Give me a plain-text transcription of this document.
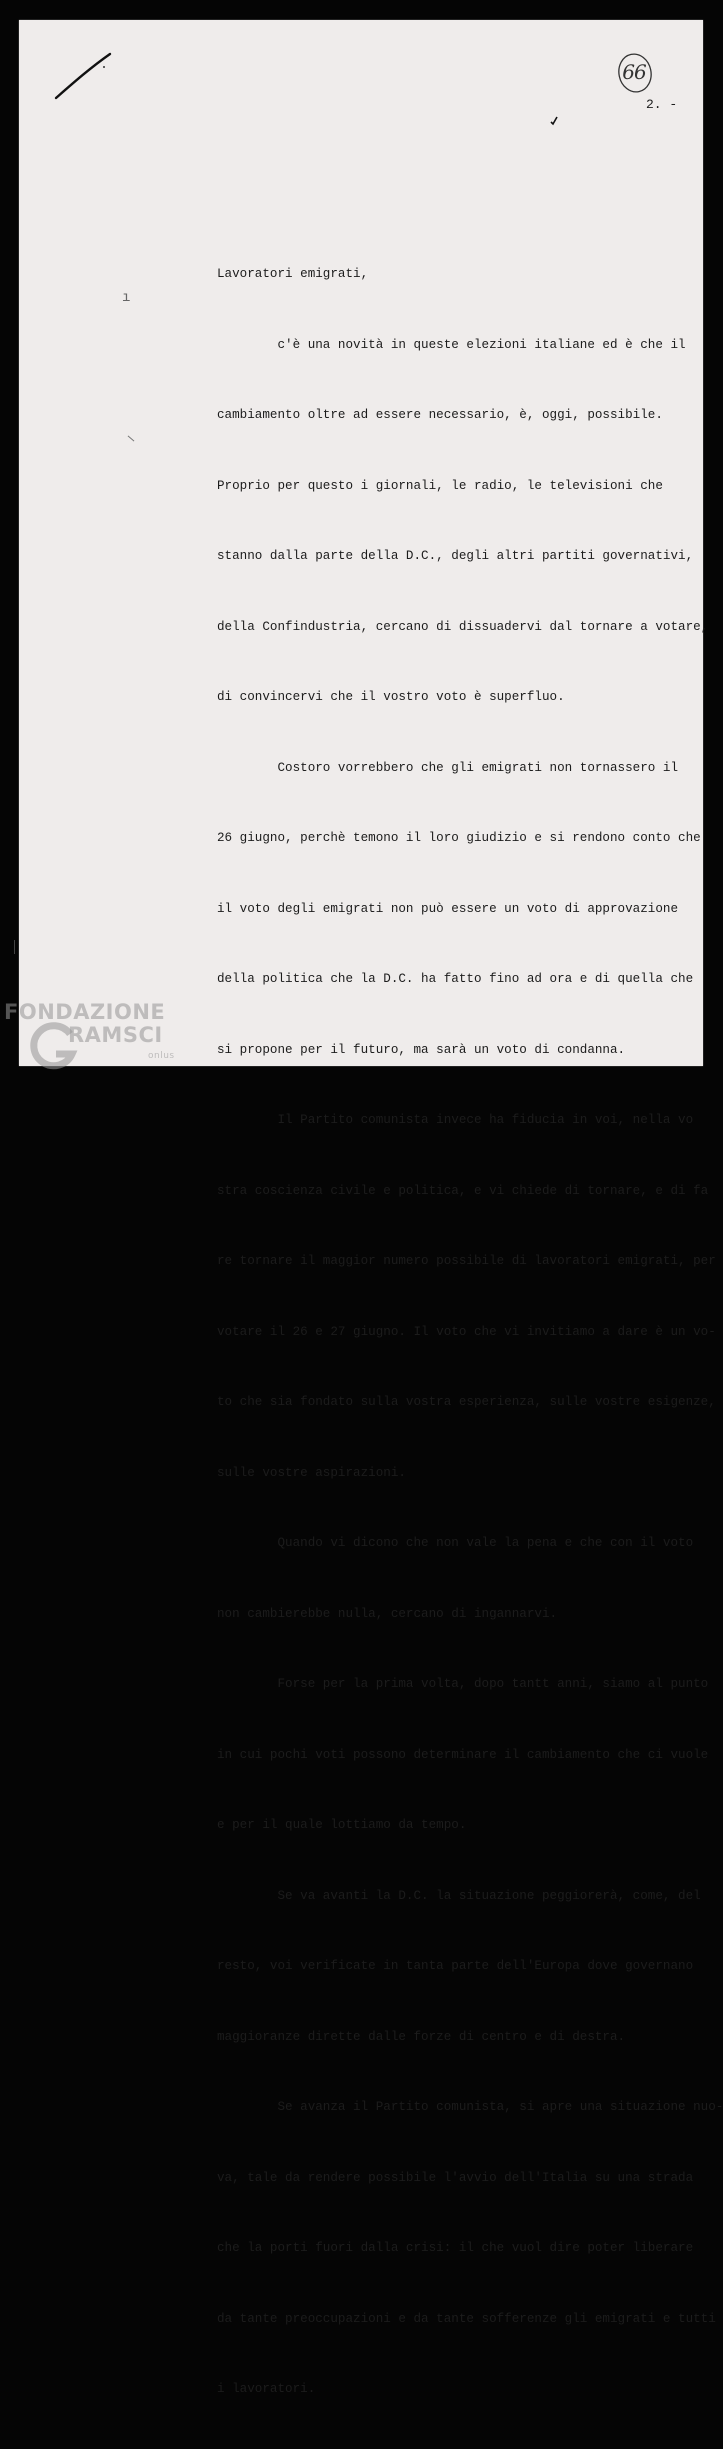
66
2. -
ı

Lavoratori emigrati,

c'è una novità in queste elezioni italiane ed è che il

cambiamento oltre ad essere necessario, è, oggi, possibile.

Proprio per questo i giornali, le radio, le televisioni che

stanno dalla parte della D.C., degli altri partiti governativi,

della Confindustria, cercano di dissuadervi dal tornare a votare,

di convincervi che il vostro voto è superfluo.

Costoro vorrebbero che gli emigrati non tornassero il

26 giugno, perchè temono il loro giudizio e si rendono conto che

il voto degli emigrati non può essere un voto di approvazione

della politica che la D.C. ha fatto fino ad ora e di quella che

si propone per il futuro, ma sarà un voto di condanna.

Il Partito comunista invece ha fiducia in voi, nella vo

stra coscienza civile e politica, e vi chiede di tornare, e di fa

re tornare il maggior numero possibile di lavoratori emigrati, per

votare il 26 e 27 giugno. Il voto che vi invitiamo a dare è un vo-

to che sia fondato sulla vostra esperienza, sulle vostre esigenze,

sulle vostre aspirazioni.

Quando vi dicono che non vale la pena e che con il voto

non cambierebbe nulla, cercano di ingannarvi.

Forse per la prima volta, dopo tantt anni, siamo al punto

in cui pochi voti possono determinare il cambiamento che ci vuole

e per il quale lottiamo da tempo.

Se va avanti la D.C. la situazione peggiorerà, come, del

resto, voi verificate in tanta parte dell'Europa dove governano

maggioranze dirette dalle forze di centro e di destra.

Se avanza il Partito comunista, si apre una situazione nuo-

va, tale da rendere possibile l'avvio dell'Italia su una strada

che la porti fuori dalla crisi: il che vuol dire poter liberare

da tante preoccupazioni e da tante sofferenze gli emigrati e tutti

i lavoratori.

FONDAZIONE
RAMSCI
onlus
